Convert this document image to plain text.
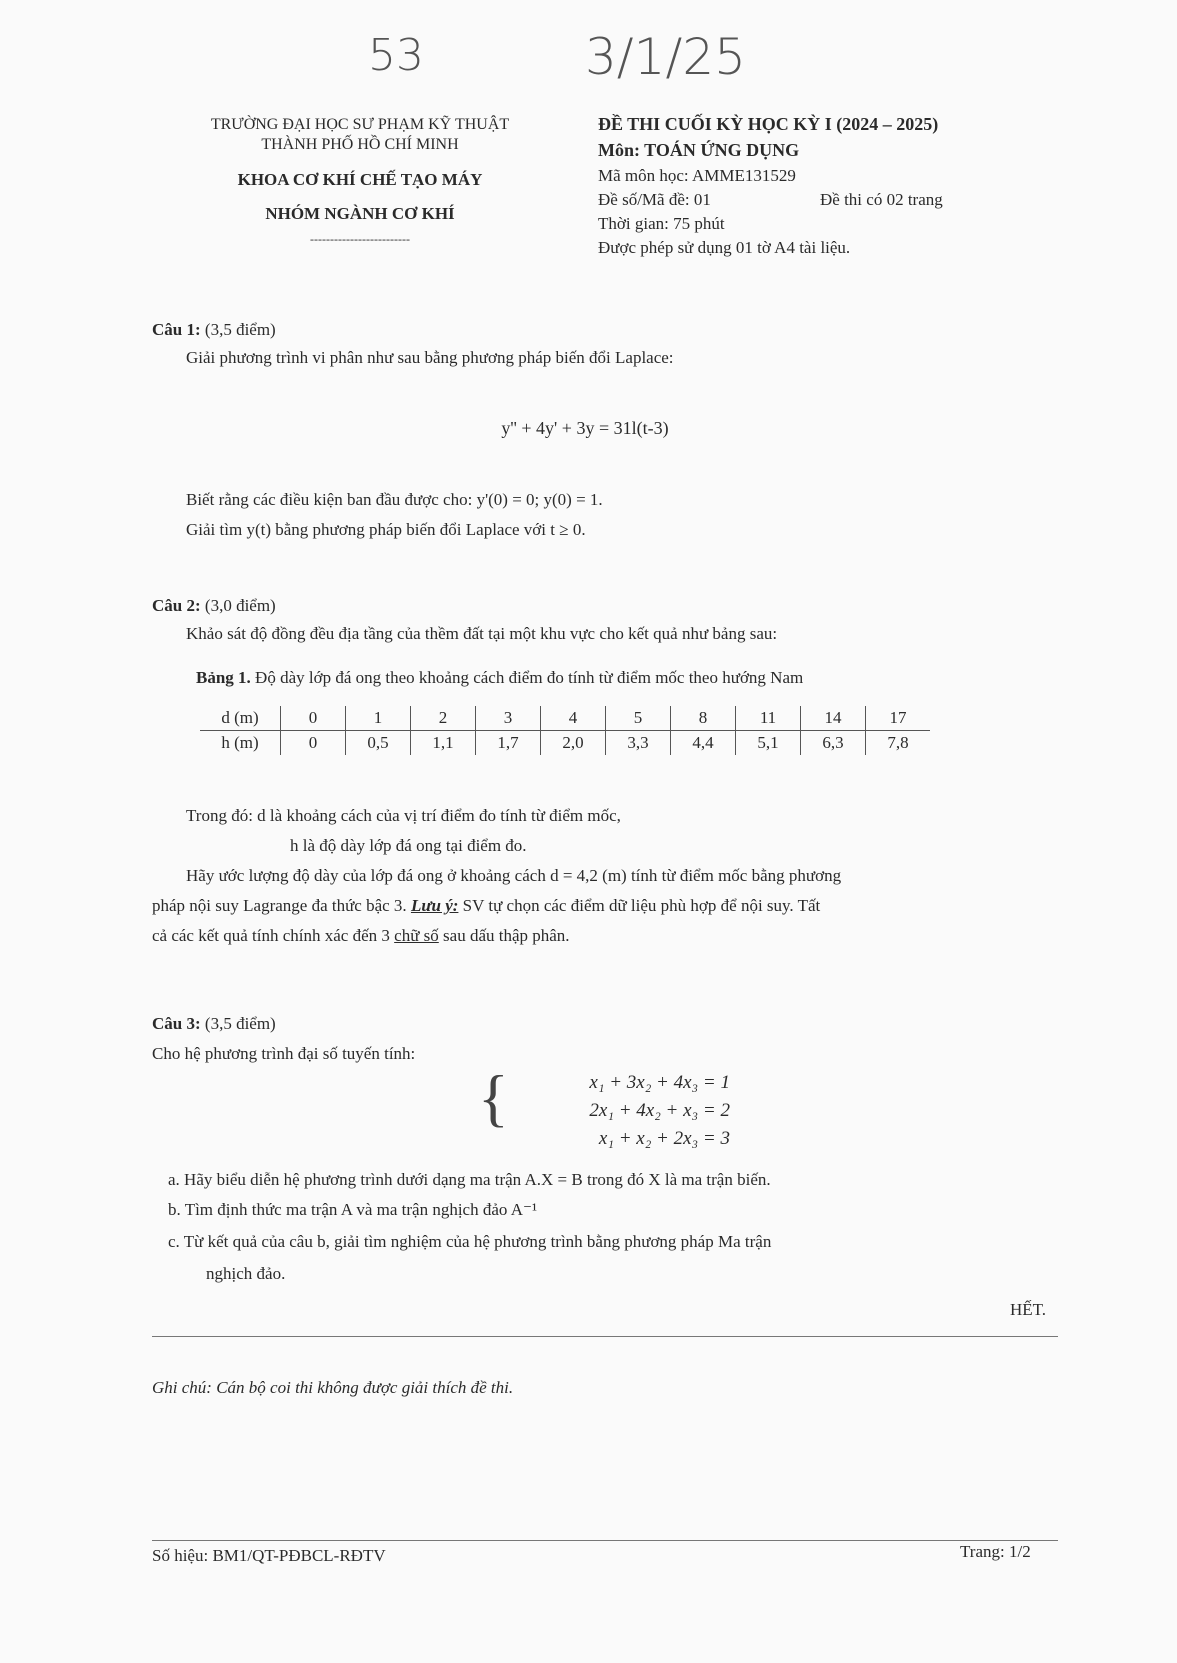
53	3/1/25
TRƯỜNG ĐẠI HỌC SƯ PHẠM KỸ THUẬT
THÀNH PHỐ HỒ CHÍ MINH
KHOA CƠ KHÍ CHẾ TẠO MÁY
NHÓM NGÀNH CƠ KHÍ
-------------------------
ĐỀ THI CUỐI KỲ HỌC KỲ I (2024 – 2025)
Môn: TOÁN ỨNG DỤNG
Mã môn học: AMME131529
Đề số/Mã đề: 01	Đề thi có 02 trang
Thời gian: 75 phút
Được phép sử dụng 01 tờ A4 tài liệu.
Câu 1: (3,5 điểm)
Giải phương trình vi phân như sau bằng phương pháp biến đổi Laplace:
y'' + 4y' + 3y = 31l(t-3)
Biết rằng các điều kiện ban đầu được cho: y'(0) = 0; y(0) = 1.
Giải tìm y(t) bằng phương pháp biến đổi Laplace với t ≥ 0.
Câu 2: (3,0 điểm)
Khảo sát độ đồng đều địa tầng của thềm đất tại một khu vực cho kết quả như bảng sau:
Bảng 1. Độ dày lớp đá ong theo khoảng cách điểm đo tính từ điểm mốc theo hướng Nam
d (m)	0	1	2	3	4	5	8	11	14	17
h (m)	0	0,5	1,1	1,7	2,0	3,3	4,4	5,1	6,3	7,8
Trong đó: d là khoảng cách của vị trí điểm đo tính từ điểm mốc,
h là độ dày lớp đá ong tại điểm đo.
Hãy ước lượng độ dày của lớp đá ong ở khoảng cách d = 4,2 (m) tính từ điểm mốc bằng phương
pháp nội suy Lagrange đa thức bậc 3. Lưu ý: SV tự chọn các điểm dữ liệu phù hợp để nội suy. Tất
cả các kết quả tính chính xác đến 3 chữ số sau dấu thập phân.
Câu 3: (3,5 điểm)
Cho hệ phương trình đại số tuyến tính:
{	x₁ + 3x₂ + 4x₃ = 1
2x₁ + 4x₂ + x₃ = 2
x₁ + x₂ + 2x₃ = 3
a. Hãy biểu diễn hệ phương trình dưới dạng ma trận A.X = B trong đó X là ma trận biến.
b. Tìm định thức ma trận A và ma trận nghịch đảo A⁻¹
c. Từ kết quả của câu b, giải tìm nghiệm của hệ phương trình bằng phương pháp Ma trận
nghịch đảo.
HẾT.
Ghi chú: Cán bộ coi thi không được giải thích đề thi.
Số hiệu: BM1/QT-PĐBCL-RĐTV	Trang: 1/2
